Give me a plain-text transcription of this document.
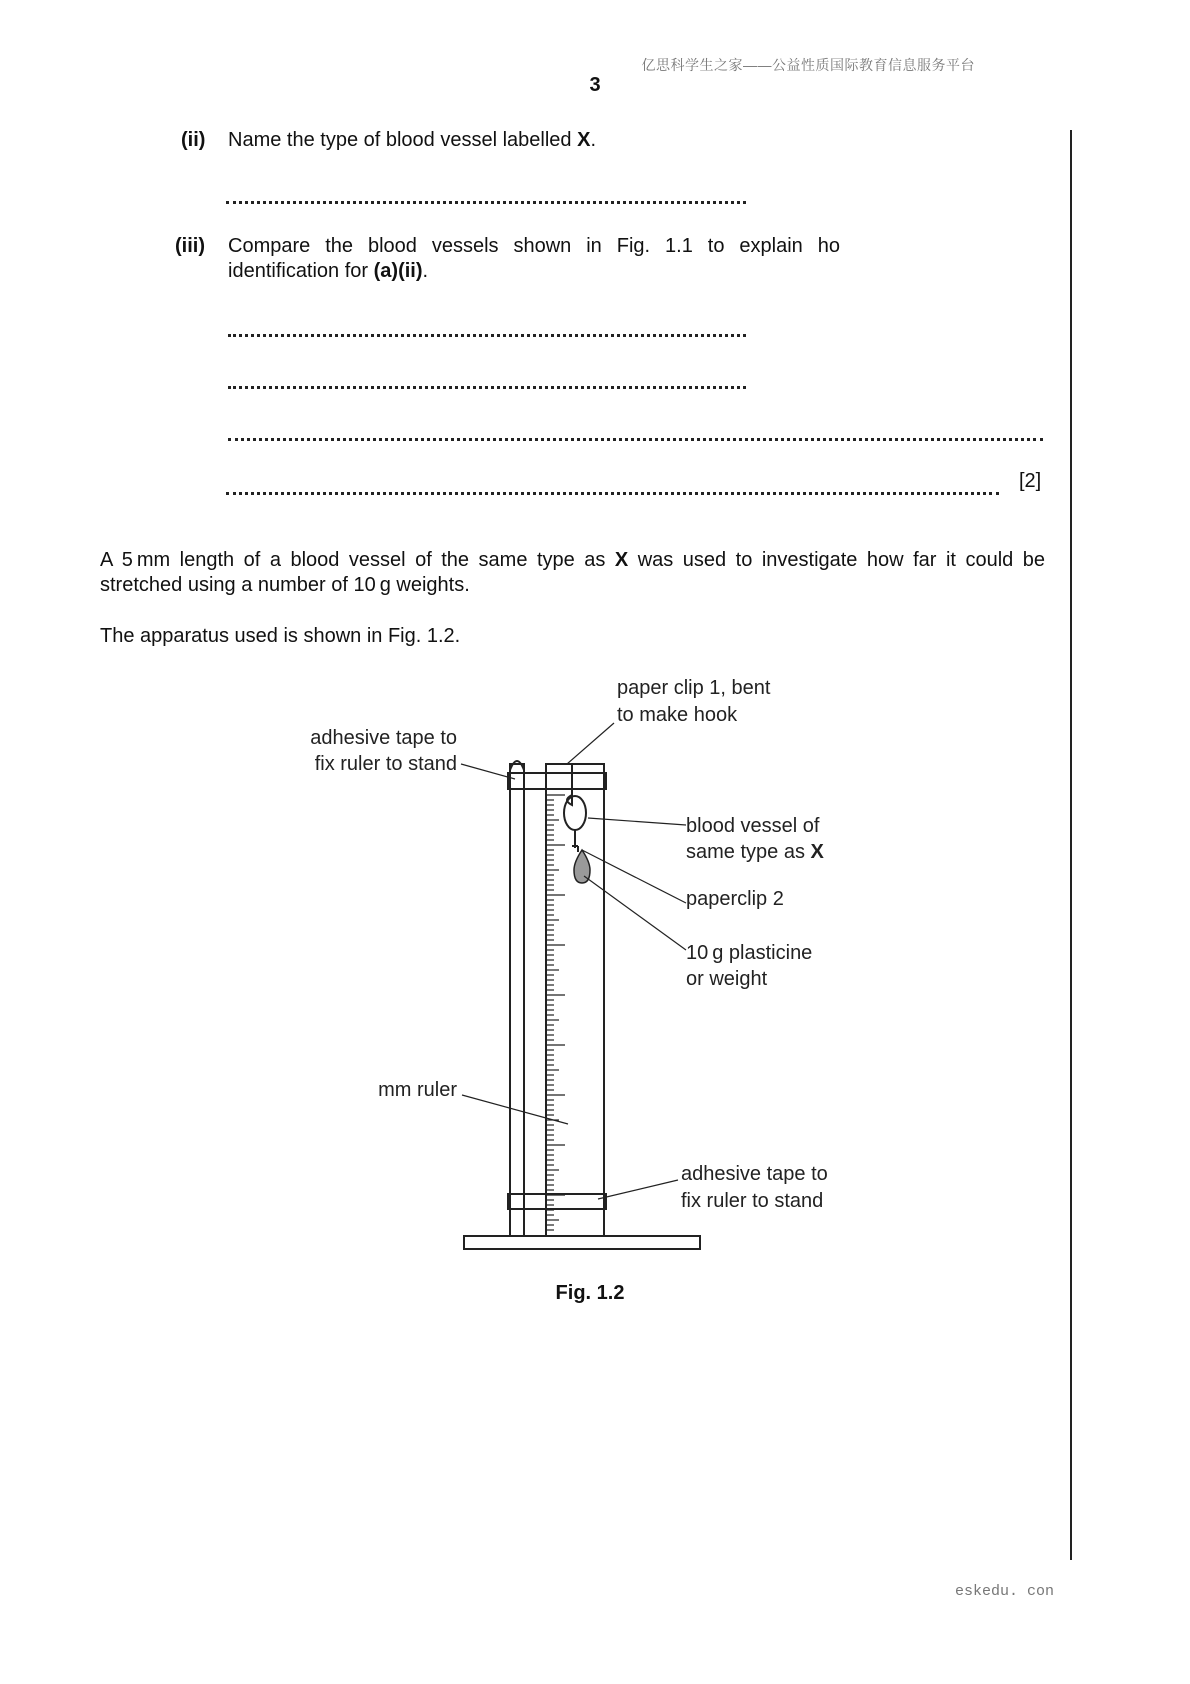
亿思科学生之家——公益性质国际教育信息服务平台
3
(ii) Name the type of blood vessel labelled X.
(iii) Compare the blood vessels shown in Fig. 1.1 to explain ho
identification for (a)(ii).
[2]
A 5 mm length of a blood vessel of the same type as X was used to investigate how far it could be stretched using a number of 10 g weights.
The apparatus used is shown in Fig. 1.2.
paper clip 1, bent
to make hook
adhesive tape to
fix ruler to stand
blood vessel of
same type as X
paperclip 2
10 g plasticine
or weight
mm ruler
adhesive tape to
fix ruler to stand
Fig. 1.2
eskedu. con
